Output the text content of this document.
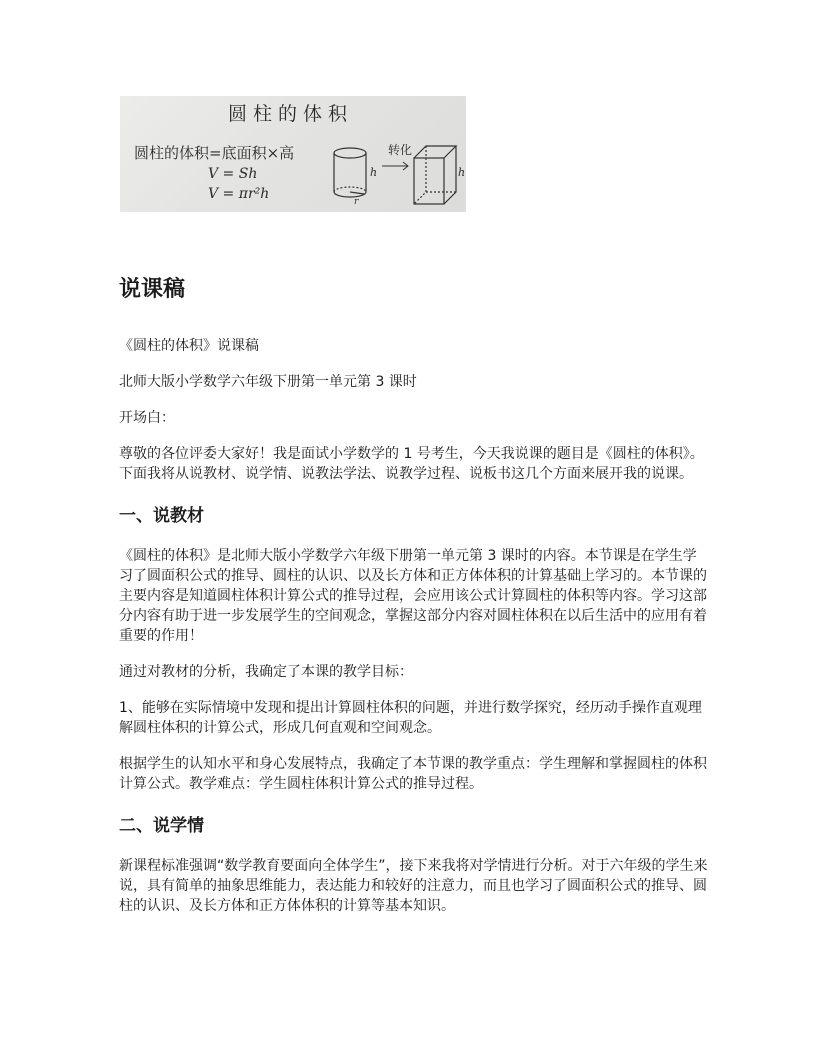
圆柱的体积
圆柱的体积=底面积×高
V = Sh
V = πr²h
h
r
转化
h
说课稿

《圆柱的体积》说课稿

北师大版小学数学六年级下册第一单元第 3 课时

开场白：

尊敬的各位评委大家好！我是面试小学数学的 1 号考生，今天我说课的题目是《圆柱的体积》。下面我将从说教材、说学情、说教法学法、说教学过程、说板书这几个方面来展开我的说课。

一、说教材

《圆柱的体积》是北师大版小学数学六年级下册第一单元第 3 课时的内容。本节课是在学生学习了圆面积公式的推导、圆柱的认识、以及长方体和正方体体积的计算基础上学习的。本节课的主要内容是知道圆柱体积计算公式的推导过程，会应用该公式计算圆柱的体积等内容。学习这部分内容有助于进一步发展学生的空间观念，掌握这部分内容对圆柱体积在以后生活中的应用有着重要的作用！

通过对教材的分析，我确定了本课的教学目标：

1、能够在实际情境中发现和提出计算圆柱体积的问题，并进行数学探究，经历动手操作直观理解圆柱体积的计算公式，形成几何直观和空间观念。

根据学生的认知水平和身心发展特点，我确定了本节课的教学重点：学生理解和掌握圆柱的体积计算公式。教学难点：学生圆柱体积计算公式的推导过程。

二、说学情

新课程标准强调“数学教育要面向全体学生”，接下来我将对学情进行分析。对于六年级的学生来说，具有简单的抽象思维能力，表达能力和较好的注意力，而且也学习了圆面积公式的推导、圆柱的认识、及长方体和正方体体积的计算等基本知识。
